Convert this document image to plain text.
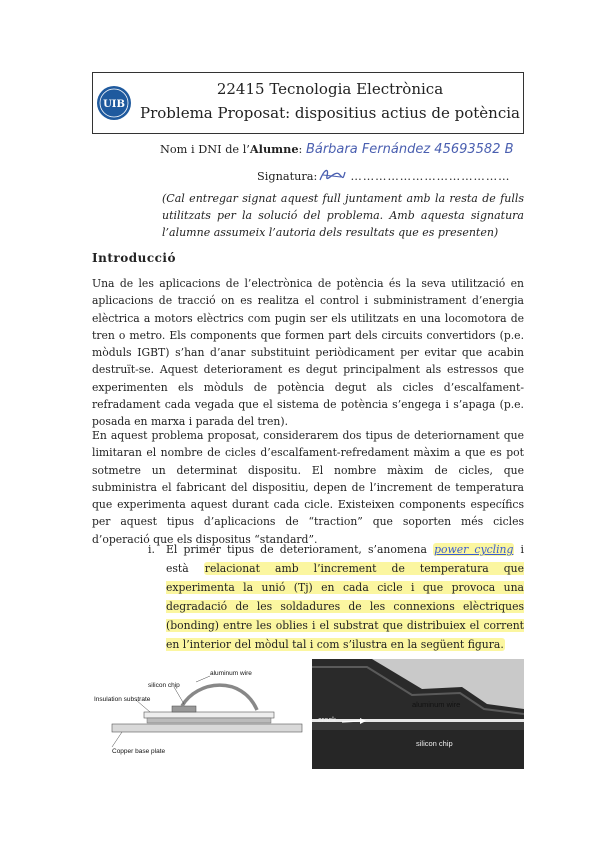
UIB
22415 Tecnologia Electrònica
Problema Proposat: dispositius actius de potència
Nom i DNI de l’Alumne: Bárbara Fernández 45693582 B
Signatura:	…………………………………
(Cal entregar signat aquest full juntament amb la resta de fulls utilitzats per la solució del problema. Amb aquesta signatura l’alumne assumeix l’autoria dels resultats que es presenten)
Introducció
Una de les aplicacions de l’electrònica de potència és la seva utilització en aplicacions de tracció on es realitza el control i subministrament d’energia elèctrica a motors elèctrics com pugin ser els utilitzats en una locomotora de tren o metro. Els components que formen part dels circuits convertidors (p.e. mòduls IGBT) s’han d’anar substituint periòdicament per evitar que acabin destruït-se. Aquest deteriorament es degut principalment als estressos que experimenten els mòduls de potència degut als cicles d’escalfament-refradament cada vegada que el sistema de potència s’engega i s’apaga (p.e. posada en marxa i parada del tren).
En aquest problema proposat, considerarem dos tipus de deteriornament que limitaran el nombre de cicles d’escalfament-refredament màxim a que es pot sotmetre un determinat dispositu. El nombre màxim de cicles, que subministra el fabricant del dispositiu, depen de l’increment de temperatura que experimenta aquest durant cada cicle. Existeixen components específics per aquest tipus d’aplicacions de “traction” que soporten més cicles d’operació que els dispositus “standard”.
i. El primer tipus de deteriorament, s’anomena power cycling i està relacionat amb l’increment de temperatura que experimenta la unió (Tj) en cada cicle i que provoca una degradació de les soldadures de les connexions elèctriques (bonding) entre les oblies i el substrat que distribuiex el corrent en l’interior del mòdul tal i com s’ilustra en la següent figura.
aluminum wire
silicon chip
Insulation substrate
Copper base plate
aluminum wire
crack
silicon chip
